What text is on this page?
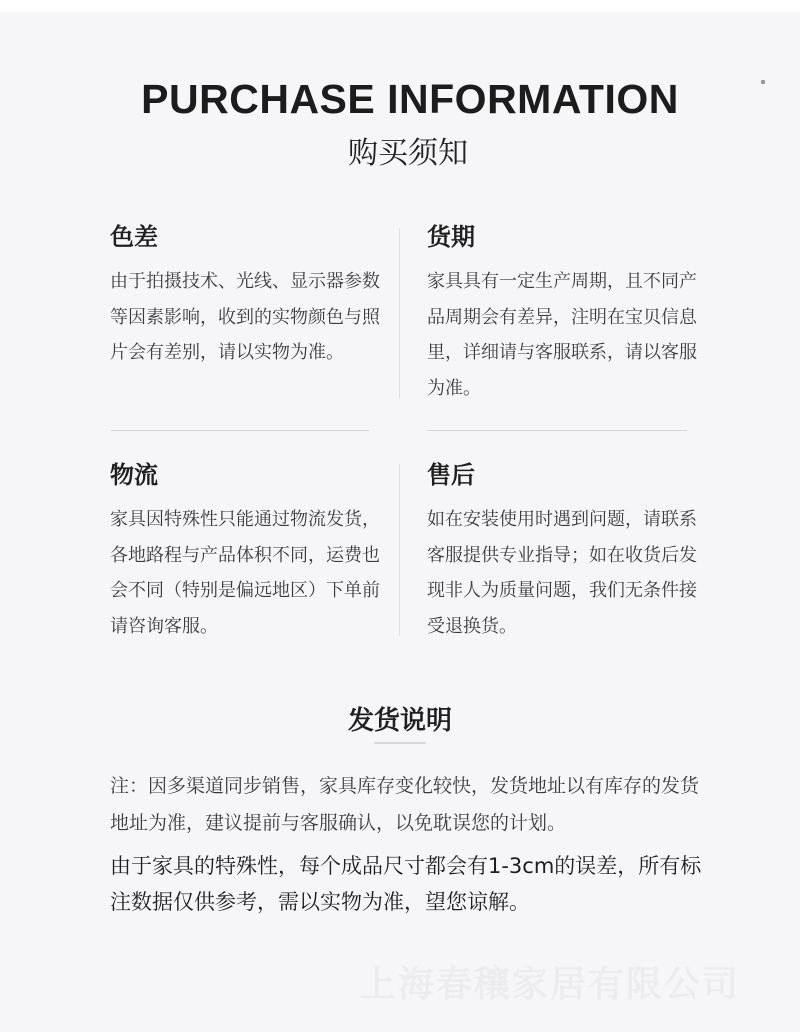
PURCHASE INFORMATION
购买须知
色差

由于拍摄技术、光线、显示器参数等因素影响，收到的实物颜色与照片会有差别，请以实物为准。

货期

家具具有一定生产周期，且不同产品周期会有差异，注明在宝贝信息里，详细请与客服联系，请以客服为准。

物流

家具因特殊性只能通过物流发货，各地路程与产品体积不同，运费也会不同（特别是偏远地区）下单前请咨询客服。

售后

如在安装使用时遇到问题，请联系客服提供专业指导；如在收货后发现非人为质量问题，我们无条件接受退换货。

发货说明

注：因多渠道同步销售，家具库存变化较快，发货地址以有库存的发货地址为准，建议提前与客服确认，以免耽误您的计划。

由于家具的特殊性，每个成品尺寸都会有1-3cm的误差，所有标注数据仅供参考，需以实物为准，望您谅解。

上海春穰家居有限公司
